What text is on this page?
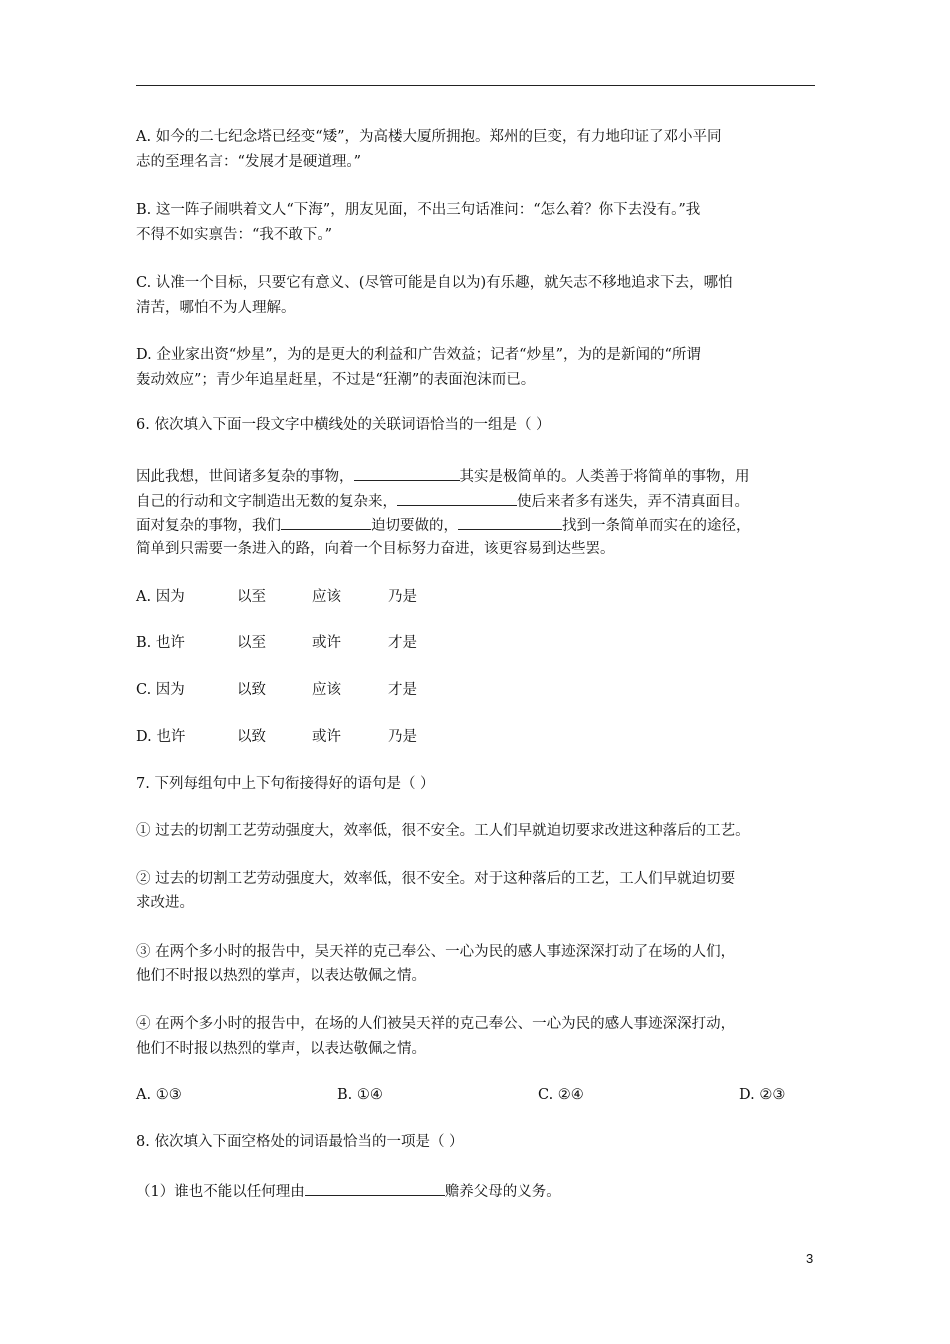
A. 如今的二七纪念塔已经变“矮”，为高楼大厦所拥抱。郑州的巨变，有力地印证了邓小平同
志的至理名言：“发展才是硬道理。”
B. 这一阵子闹哄着文人“下海”，朋友见面，不出三句话准问：“怎么着？你下去没有。”我
不得不如实禀告：“我不敢下。”
C. 认准一个目标，只要它有意义、(尽管可能是自以为)有乐趣，就矢志不移地追求下去，哪怕
清苦，哪怕不为人理解。
D. 企业家出资“炒星”，为的是更大的利益和广告效益；记者“炒星”，为的是新闻的“所谓
轰动效应”；青少年追星赶星，不过是“狂潮”的表面泡沫而已。
6. 依次填入下面一段文字中横线处的关联词语恰当的一组是（ ）
因此我想，世间诸多复杂的事物，	其实是极简单的。人类善于将简单的事物，用
自己的行动和文字制造出无数的复杂来，	使后来者多有迷失，弄不清真面目。
面对复杂的事物，我们	迫切要做的，	找到一条简单而实在的途径，
简单到只需要一条进入的路，向着一个目标努力奋进，该更容易到达些罢。
A. 因为	以至	应该	乃是
B. 也许	以至	或许	才是
C. 因为	以致	应该	才是
D. 也许	以致	或许	乃是
7. 下列每组句中上下句衔接得好的语句是（ ）
① 过去的切割工艺劳动强度大，效率低，很不安全。工人们早就迫切要求改进这种落后的工艺。
② 过去的切割工艺劳动强度大，效率低，很不安全。对于这种落后的工艺，工人们早就迫切要
求改进。
③ 在两个多小时的报告中，吴天祥的克己奉公、一心为民的感人事迹深深打动了在场的人们，
他们不时报以热烈的掌声，以表达敬佩之情。
④ 在两个多小时的报告中，在场的人们被吴天祥的克己奉公、一心为民的感人事迹深深打动，
他们不时报以热烈的掌声，以表达敬佩之情。
A. ①③	B. ①④	C. ②④	D. ②③
8. 依次填入下面空格处的词语最恰当的一项是（ ）
（1）谁也不能以任何理由	赡养父母的义务。
3
